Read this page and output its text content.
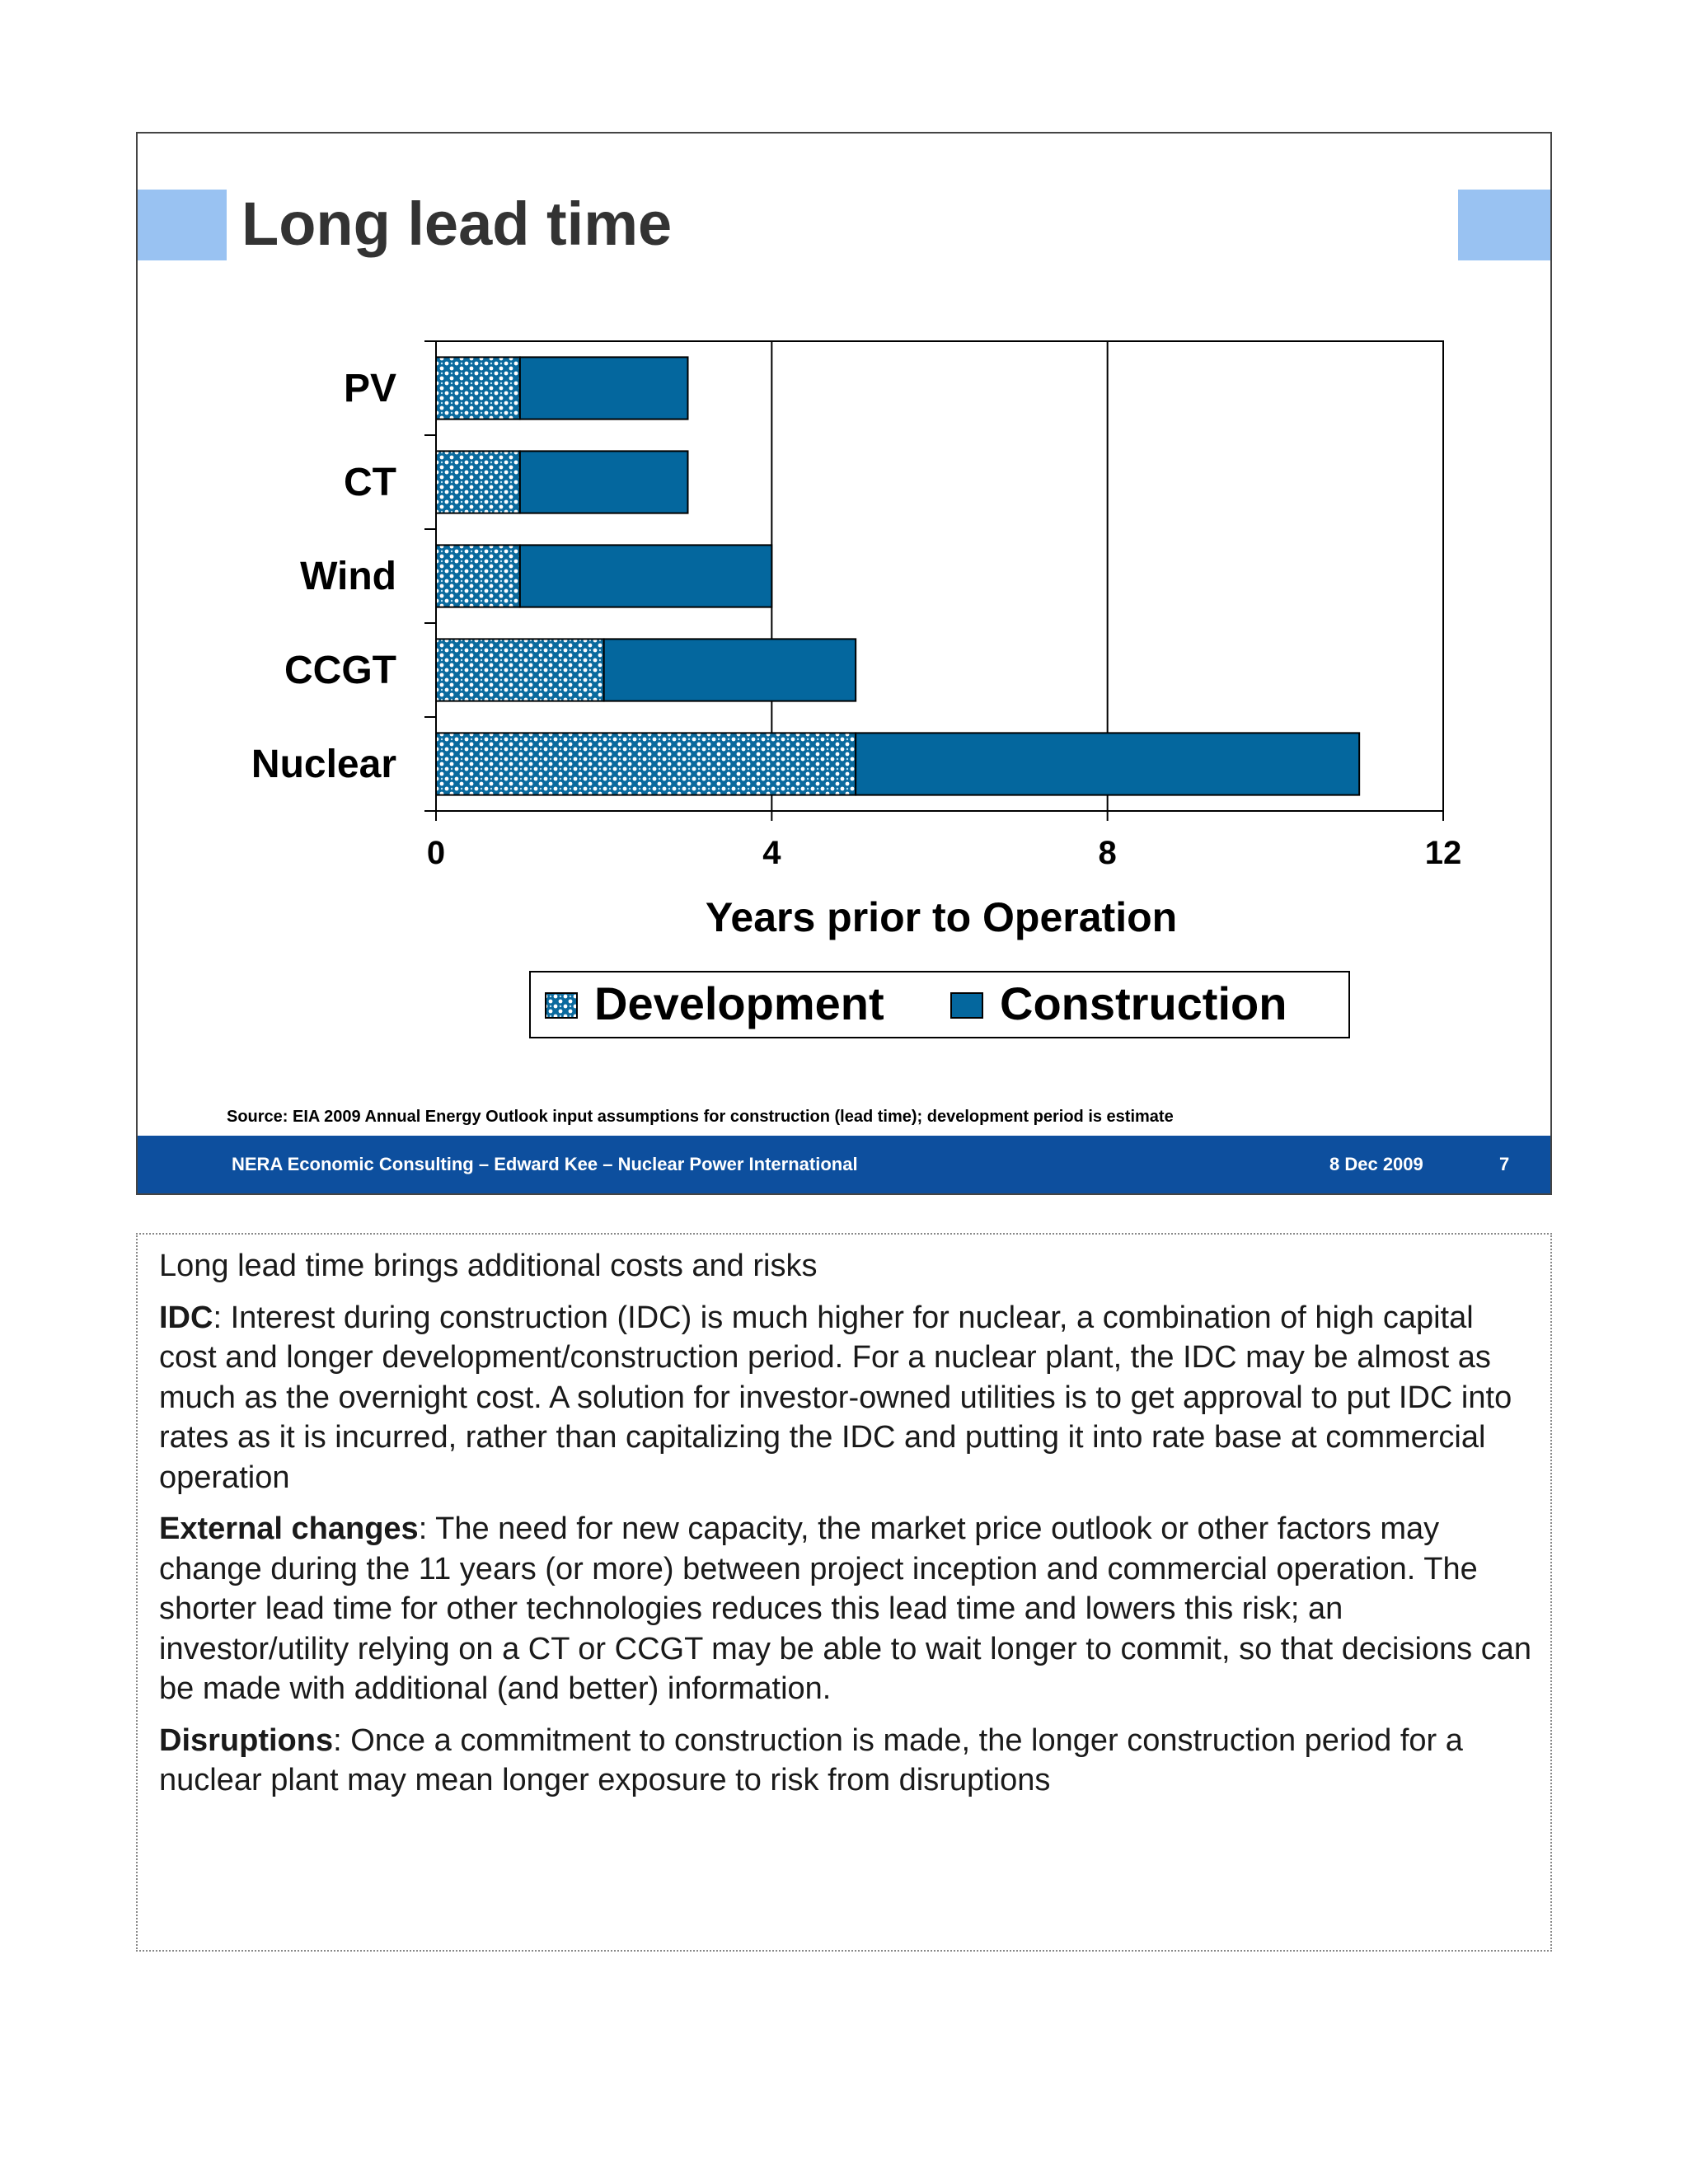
Long lead time
0	4	8	12
PV
CT
Wind
CCGT
Nuclear
Years prior to Operation
Development	Construction
Source: EIA 2009 Annual Energy Outlook input assumptions for construction (lead time); development period is estimate
NERA Economic Consulting – Edward Kee – Nuclear Power International	8 Dec 2009	7

Long lead time brings additional costs and risks

IDC: Interest during construction (IDC) is much higher for nuclear, a combination of high capital cost and longer development/construction period. For a nuclear plant, the IDC may be almost as much as the overnight cost. A solution for investor-owned utilities is to get approval to put IDC into rates as it is incurred, rather than capitalizing the IDC and putting it into rate base at commercial operation

External changes: The need for new capacity, the market price outlook or other factors may change during the 11 years (or more) between project inception and commercial operation. The shorter lead time for other technologies reduces this lead time and lowers this risk; an investor/utility relying on a CT or CCGT may be able to wait longer to commit, so that decisions can be made with additional (and better) information.

Disruptions: Once a commitment to construction is made, the longer construction period for a nuclear plant may mean longer exposure to risk from disruptions
